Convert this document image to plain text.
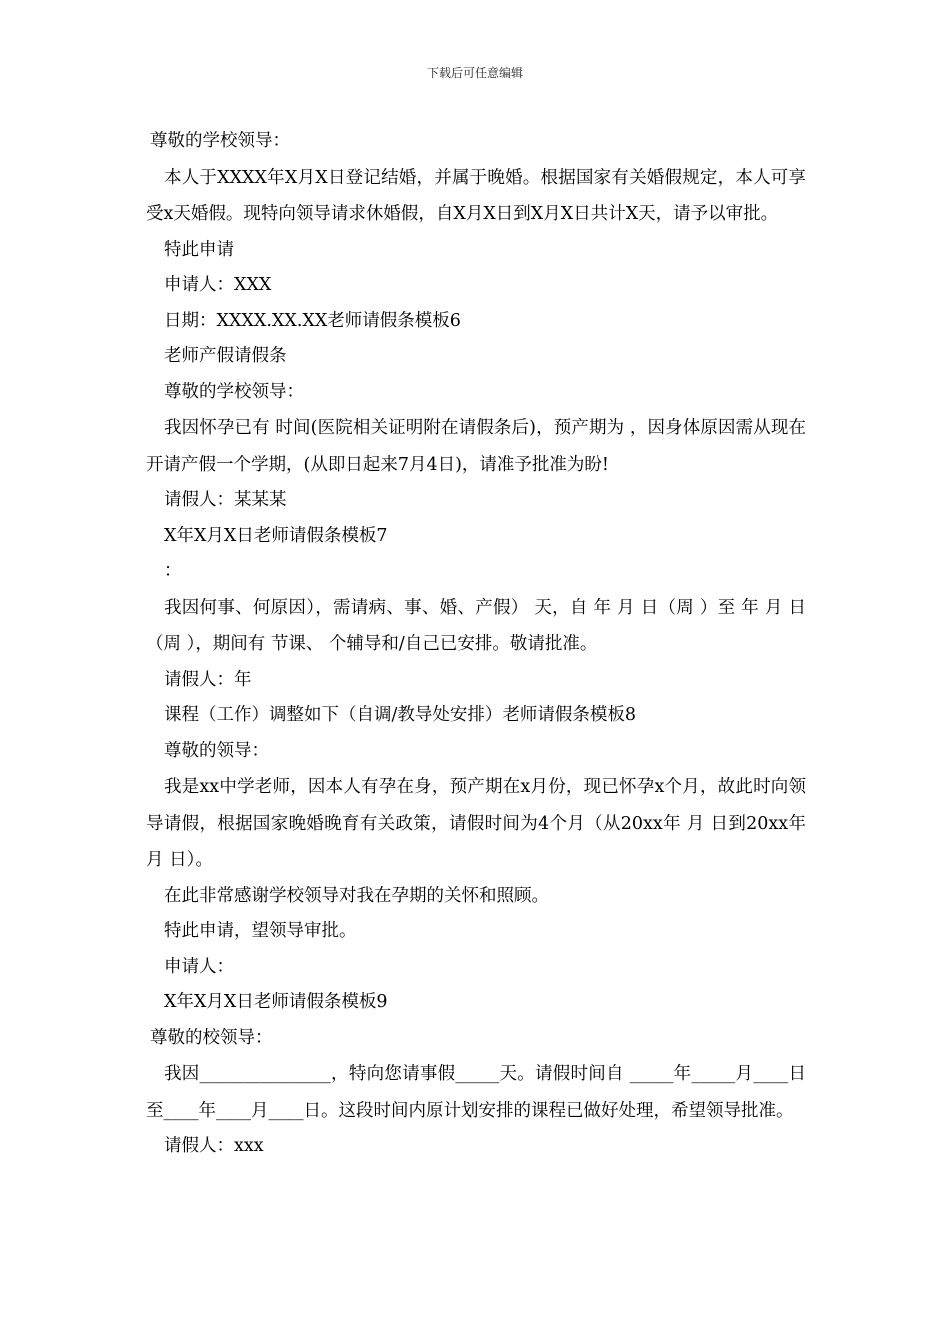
下载后可任意编辑
尊敬的学校领导：
本人于XXXX年X月X日登记结婚，并属于晚婚。根据国家有关婚假规定，本人可享受x天婚假。现特向领导请求休婚假，自X月X日到X月X日共计X天，请予以审批。
特此申请
申请人：XXX
日期：XXXX.XX.XX老师请假条模板6
老师产假请假条
尊敬的学校领导：
我因怀孕已有 时间(医院相关证明附在请假条后)，预产期为 ，因身体原因需从现在开请产假一个学期，(从即日起来7月4日)，请准予批准为盼!
请假人：某某某
X年X月X日老师请假条模板7
：
我因何事、何原因），需请病、事、婚、产假） 天，自 年 月 日（周 ）至 年 月 日（周 ），期间有 节课、 个辅导和/自己已安排。敬请批准。
请假人：年
课程（工作）调整如下（自调/教导处安排）老师请假条模板8
尊敬的领导：
我是xx中学老师，因本人有孕在身，预产期在x月份，现已怀孕x个月，故此时向领导请假，根据国家晚婚晚育有关政策，请假时间为4个月（从20xx年 月 日到20xx年 月 日）。
在此非常感谢学校领导对我在孕期的关怀和照顾。
特此申请，望领导审批。
申请人：
X年X月X日老师请假条模板9
尊敬的校领导：
我因_______________，特向您请事假_____天。请假时间自 _____年_____月____日至____年____月____日。这段时间内原计划安排的课程已做好处理，希望领导批准。
请假人：xxx
